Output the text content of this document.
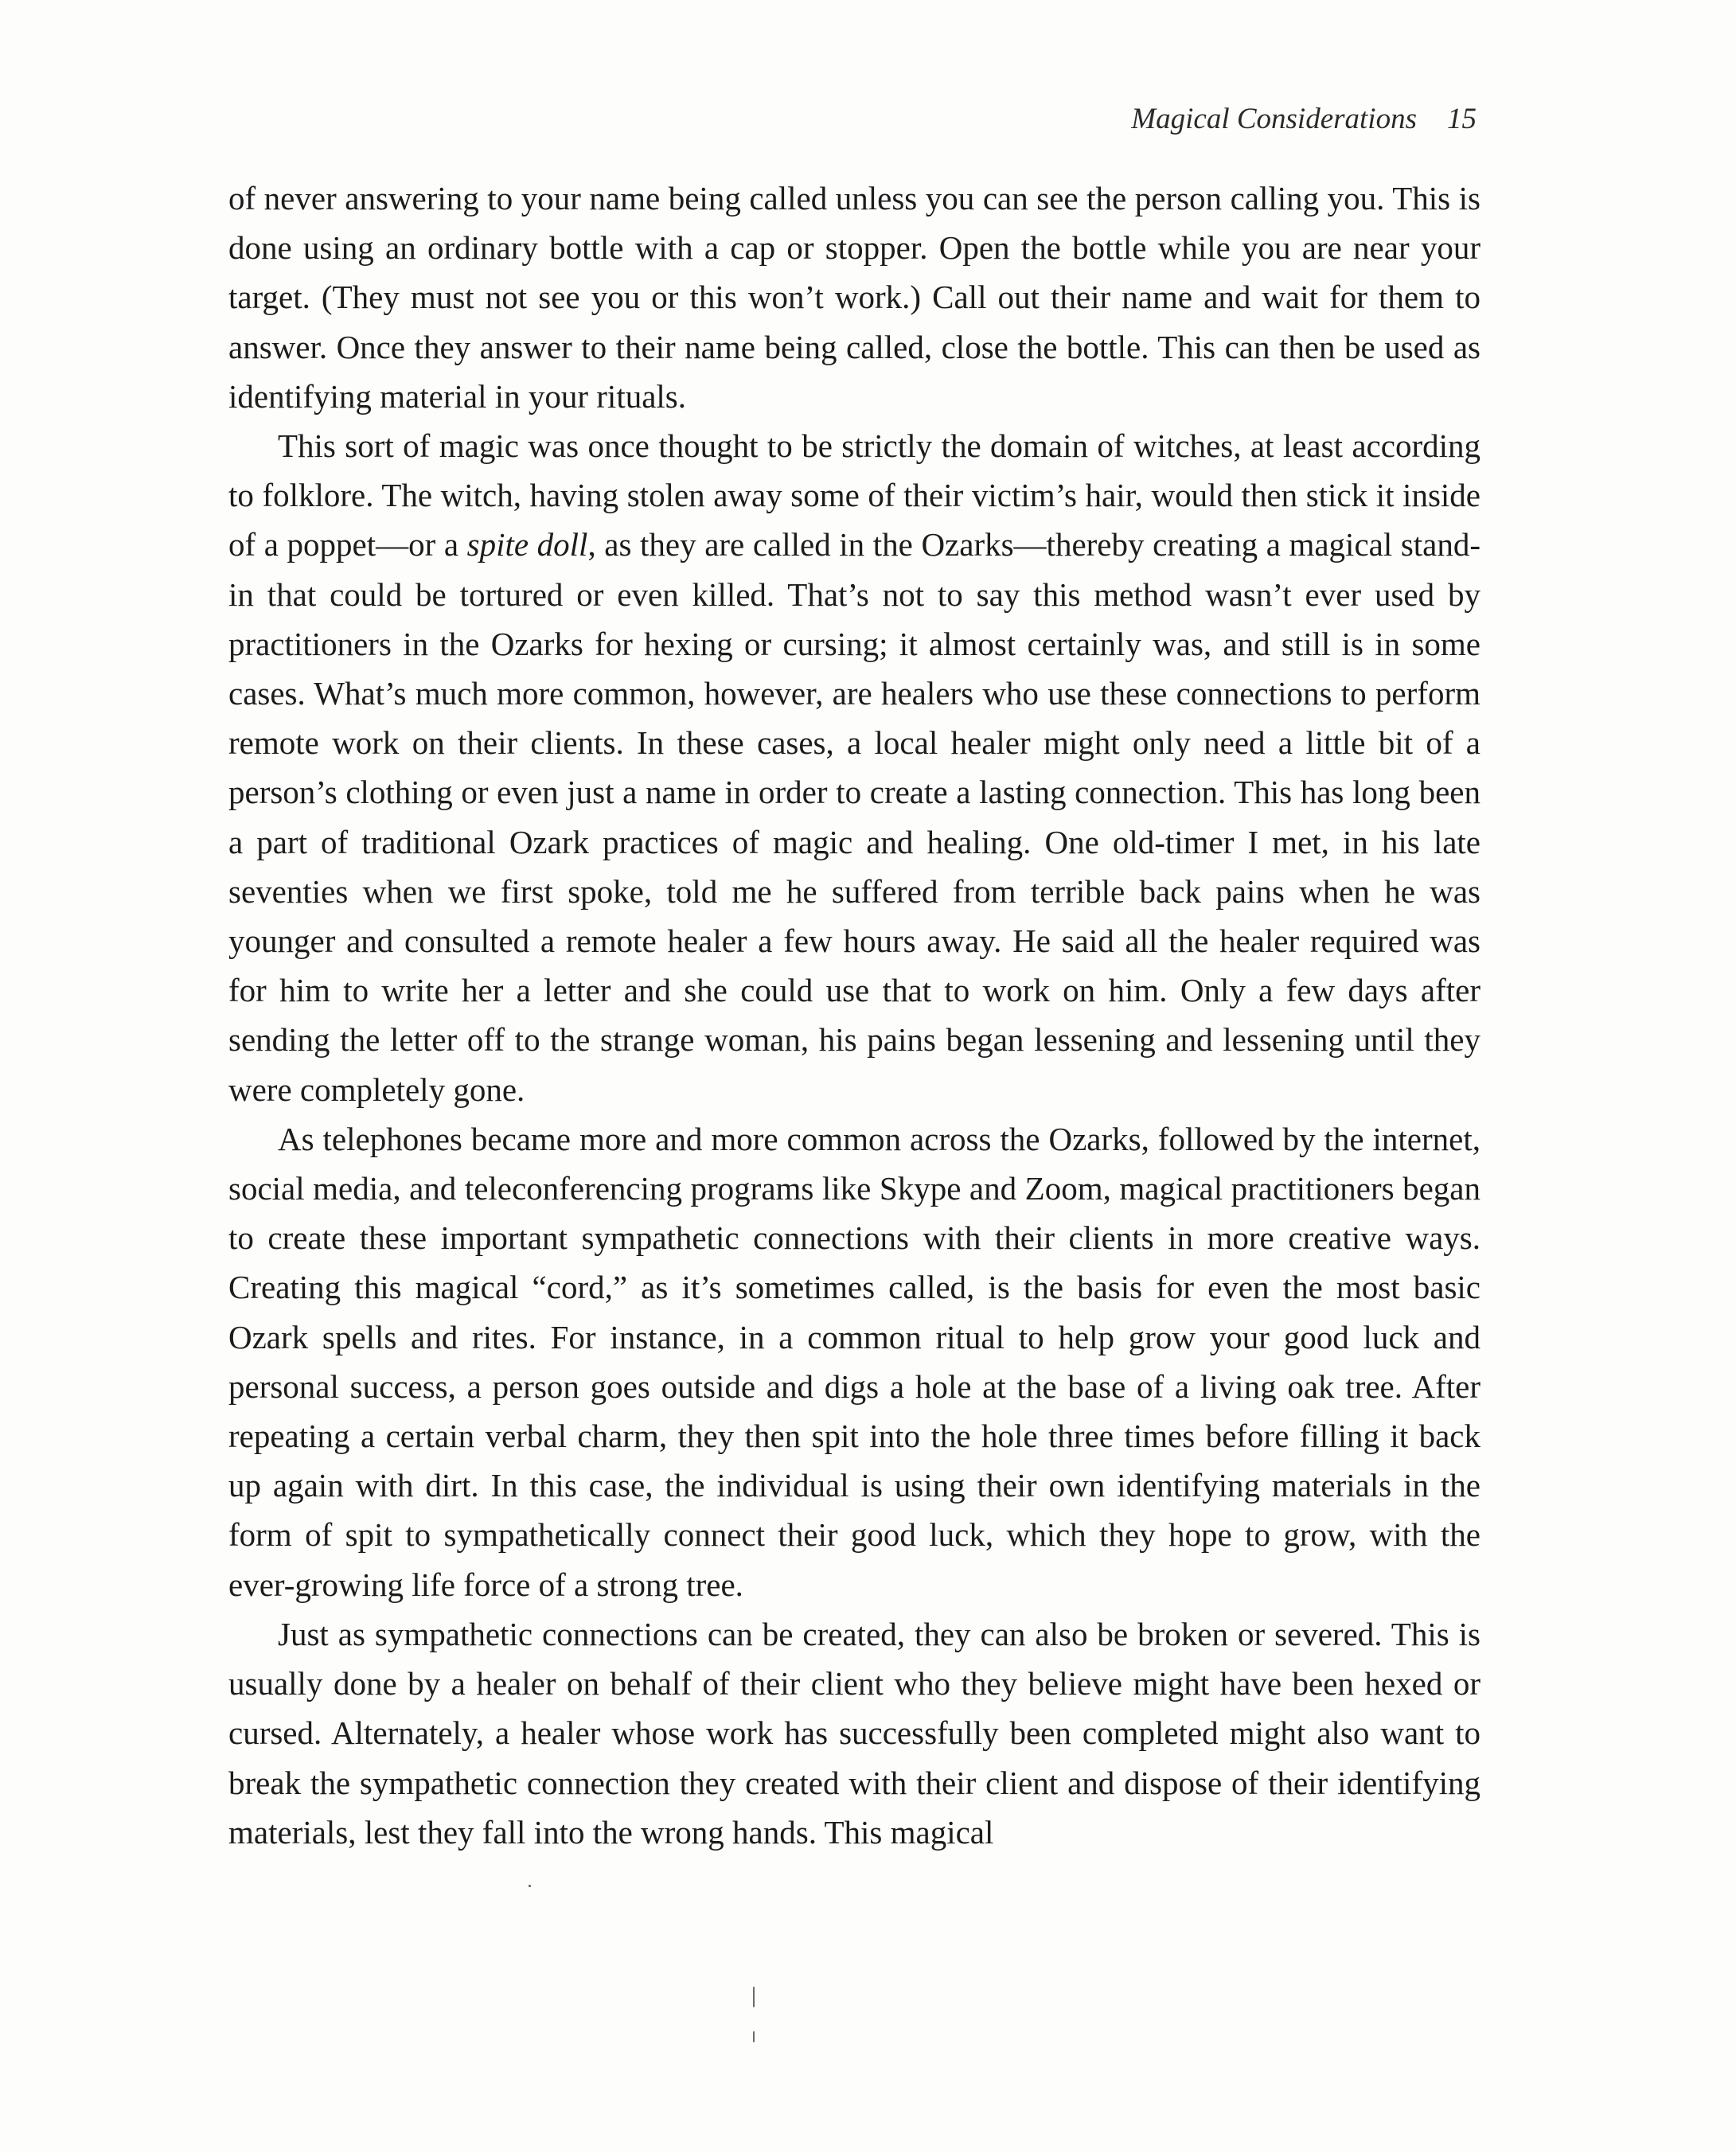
Magical Considerations 15

of never answering to your name being called unless you can see the person calling you. This is done using an ordinary bottle with a cap or stopper. Open the bottle while you are near your target. (They must not see you or this won’t work.) Call out their name and wait for them to answer. Once they answer to their name being called, close the bottle. This can then be used as identifying material in your rituals.

This sort of magic was once thought to be strictly the domain of witches, at least according to folklore. The witch, having stolen away some of their victim’s hair, would then stick it inside of a poppet—or a spite doll, as they are called in the Ozarks—thereby creating a magical stand-in that could be tortured or even killed. That’s not to say this method wasn’t ever used by practitioners in the Ozarks for hexing or cursing; it almost certainly was, and still is in some cases. What’s much more common, however, are healers who use these connections to perform remote work on their clients. In these cases, a local healer might only need a little bit of a person’s clothing or even just a name in order to create a lasting connection. This has long been a part of traditional Ozark practices of magic and healing. One old-timer I met, in his late seventies when we first spoke, told me he suffered from terrible back pains when he was younger and consulted a remote healer a few hours away. He said all the healer required was for him to write her a letter and she could use that to work on him. Only a few days after sending the letter off to the strange woman, his pains began lessening and lessening until they were completely gone.

As telephones became more and more common across the Ozarks, followed by the internet, social media, and teleconferencing programs like Skype and Zoom, magical practitioners began to create these important sympathetic connections with their clients in more creative ways. Creating this magical “cord,” as it’s sometimes called, is the basis for even the most basic Ozark spells and rites. For instance, in a common ritual to help grow your good luck and personal success, a person goes outside and digs a hole at the base of a living oak tree. After repeating a certain verbal charm, they then spit into the hole three times before filling it back up again with dirt. In this case, the individual is using their own identifying materials in the form of spit to sympathetically connect their good luck, which they hope to grow, with the ever-growing life force of a strong tree.

Just as sympathetic connections can be created, they can also be broken or severed. This is usually done by a healer on behalf of their client who they believe might have been hexed or cursed. Alternately, a healer whose work has successfully been completed might also want to break the sympathetic connection they created with their client and dispose of their identifying materials, lest they fall into the wrong hands. This magical
